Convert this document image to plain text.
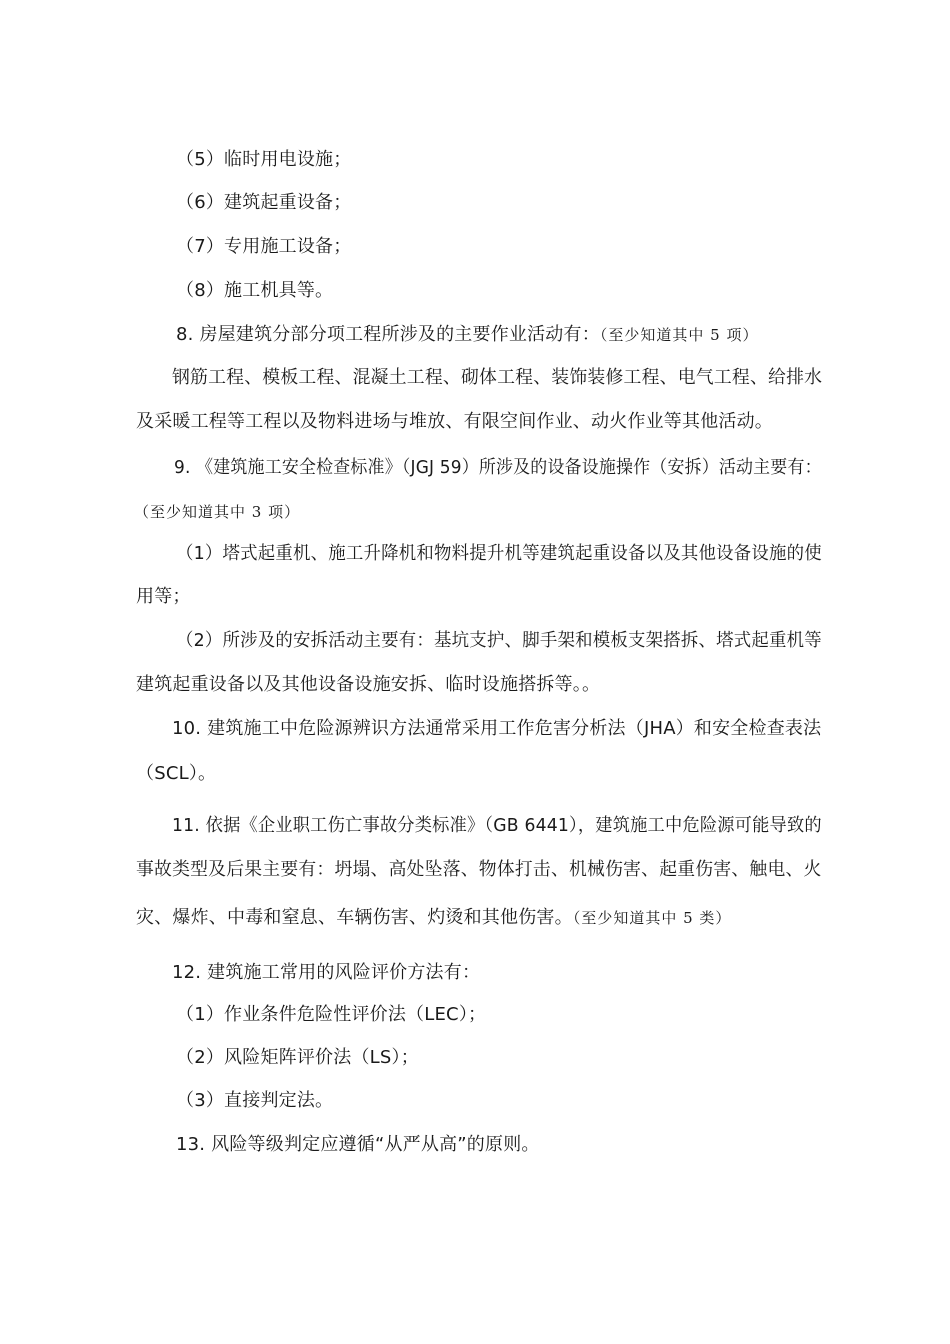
（5）临时用电设施；
（6）建筑起重设备；
（7）专用施工设备；
（8）施工机具等。
8. 房屋建筑分部分项工程所涉及的主要作业活动有：（至少知道其中 5 项）
钢筋工程、模板工程、混凝土工程、砌体工程、装饰装修工程、电气工程、给排水
及采暖工程等工程以及物料进场与堆放、有限空间作业、动火作业等其他活动。
9. 《建筑施工安全检查标准》（JGJ 59）所涉及的设备设施操作（安拆）活动主要有：
（至少知道其中 3 项）
（1）塔式起重机、施工升降机和物料提升机等建筑起重设备以及其他设备设施的使
用等；
（2）所涉及的安拆活动主要有：基坑支护、脚手架和模板支架搭拆、塔式起重机等
建筑起重设备以及其他设备设施安拆、临时设施搭拆等。。
10. 建筑施工中危险源辨识方法通常采用工作危害分析法（JHA）和安全检查表法
（SCL）。
11. 依据《企业职工伤亡事故分类标准》（GB 6441），建筑施工中危险源可能导致的
事故类型及后果主要有：坍塌、高处坠落、物体打击、机械伤害、起重伤害、触电、火
灾、爆炸、中毒和窒息、车辆伤害、灼烫和其他伤害。（至少知道其中 5 类）
12. 建筑施工常用的风险评价方法有：
（1）作业条件危险性评价法（LEC）；
（2）风险矩阵评价法（LS）；
（3）直接判定法。
13. 风险等级判定应遵循“从严从高”的原则。
